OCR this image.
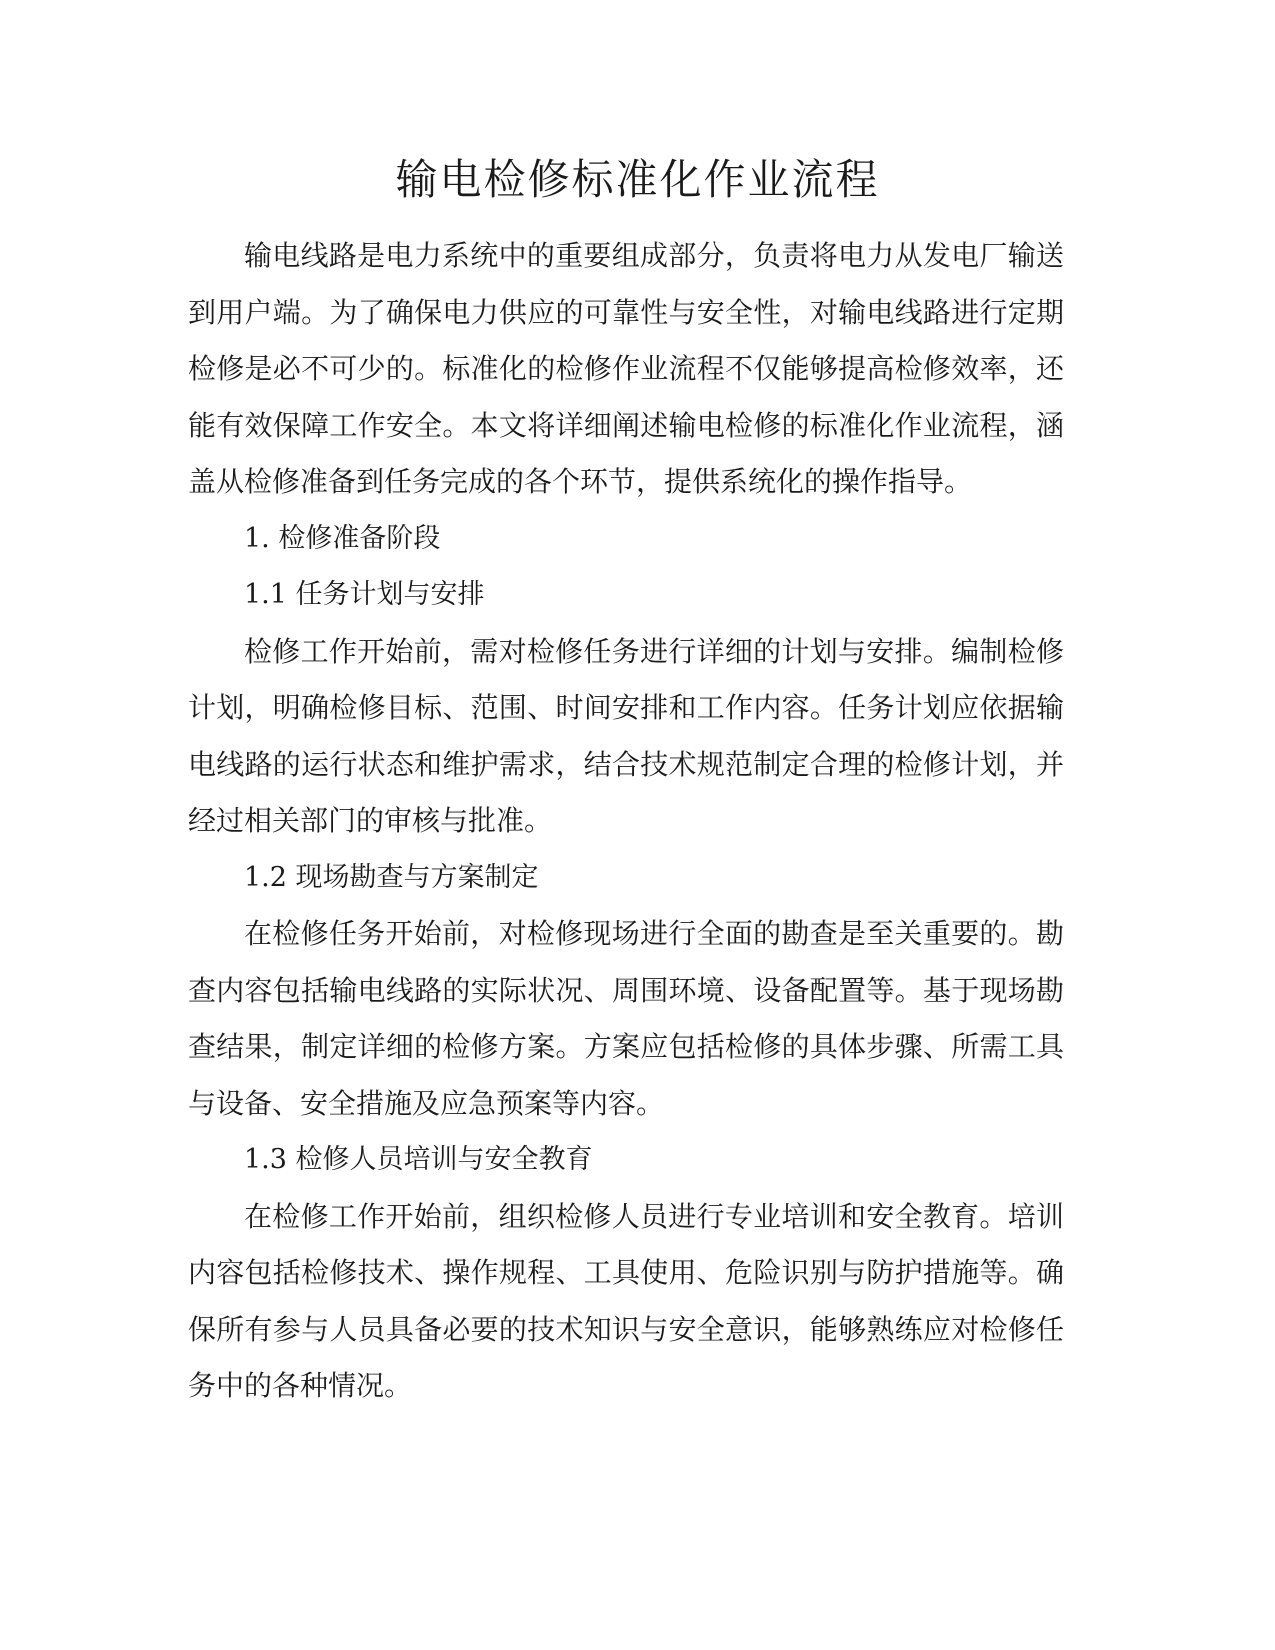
输电检修标准化作业流程

输电线路是电力系统中的重要组成部分，负责将电力从发电厂输送到用户端。为了确保电力供应的可靠性与安全性，对输电线路进行定期检修是必不可少的。标准化的检修作业流程不仅能够提高检修效率，还能有效保障工作安全。本文将详细阐述输电检修的标准化作业流程，涵盖从检修准备到任务完成的各个环节，提供系统化的操作指导。

1. 检修准备阶段

1.1 任务计划与安排

检修工作开始前，需对检修任务进行详细的计划与安排。编制检修计划，明确检修目标、范围、时间安排和工作内容。任务计划应依据输电线路的运行状态和维护需求，结合技术规范制定合理的检修计划，并经过相关部门的审核与批准。

1.2 现场勘查与方案制定

在检修任务开始前，对检修现场进行全面的勘查是至关重要的。勘查内容包括输电线路的实际状况、周围环境、设备配置等。基于现场勘查结果，制定详细的检修方案。方案应包括检修的具体步骤、所需工具与设备、安全措施及应急预案等内容。

1.3 检修人员培训与安全教育

在检修工作开始前，组织检修人员进行专业培训和安全教育。培训内容包括检修技术、操作规程、工具使用、危险识别与防护措施等。确保所有参与人员具备必要的技术知识与安全意识，能够熟练应对检修任务中的各种情况。
